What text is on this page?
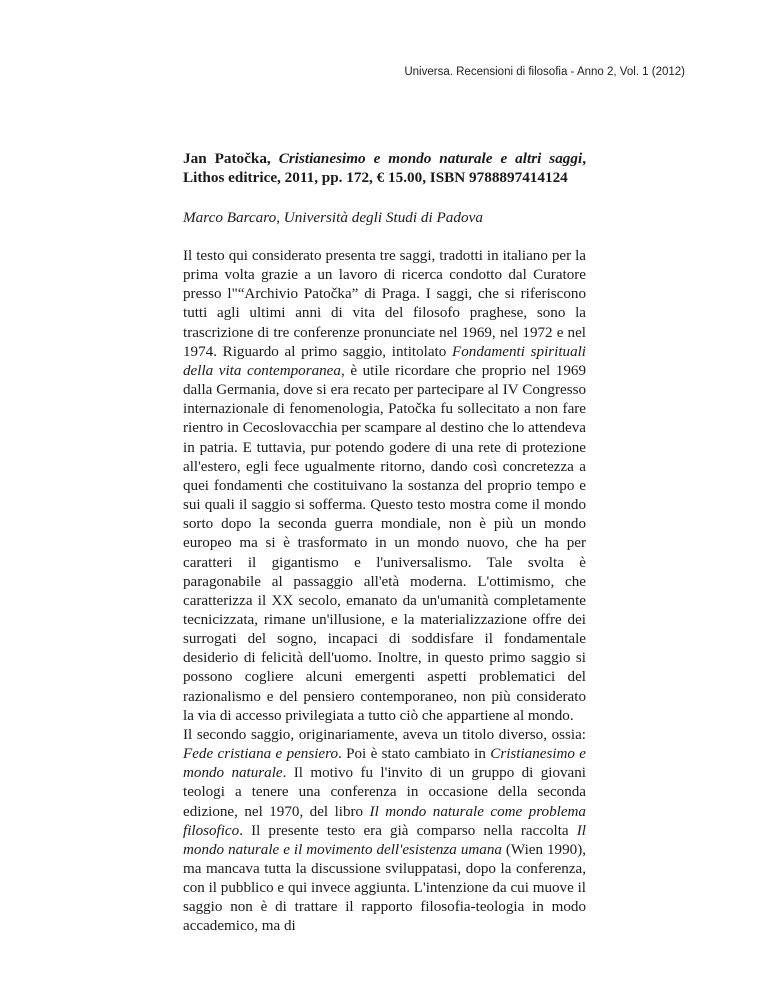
Universa. Recensioni di filosofia - Anno 2, Vol. 1 (2012)

Jan Patočka, Cristianesimo e mondo naturale e altri saggi, Lithos editrice, 2011, pp. 172, € 15.00, ISBN 9788897414124

Marco Barcaro, Università degli Studi di Padova

Il testo qui considerato presenta tre saggi, tradotti in italiano per la prima volta grazie a un lavoro di ricerca condotto dal Curatore presso l"“Archivio Patočka” di Praga. I saggi, che si riferiscono tutti agli ultimi anni di vita del filosofo praghese, sono la trascrizione di tre conferenze pronunciate nel 1969, nel 1972 e nel 1974. Riguardo al primo saggio, intitolato Fondamenti spirituali della vita contemporanea, è utile ricordare che proprio nel 1969 dalla Germania, dove si era recato per partecipare al IV Congresso internazionale di fenomenologia, Patočka fu sollecitato a non fare rientro in Cecoslovacchia per scampare al destino che lo attendeva in patria. E tuttavia, pur potendo godere di una rete di protezione all'estero, egli fece ugualmente ritorno, dando così concretezza a quei fondamenti che costituivano la sostanza del proprio tempo e sui quali il saggio si sofferma. Questo testo mostra come il mondo sorto dopo la seconda guerra mondiale, non è più un mondo europeo ma si è trasformato in un mondo nuovo, che ha per caratteri il gigantismo e l'universalismo. Tale svolta è paragonabile al passaggio all'età moderna. L'ottimismo, che caratterizza il XX secolo, emanato da un'umanità completamente tecnicizzata, rimane un'illusione, e la materializzazione offre dei surrogati del sogno, incapaci di soddisfare il fondamentale desiderio di felicità dell'uomo. Inoltre, in questo primo saggio si possono cogliere alcuni emergenti aspetti problematici del razionalismo e del pensiero contemporaneo, non più considerato la via di accesso privilegiata a tutto ciò che appartiene al mondo.

Il secondo saggio, originariamente, aveva un titolo diverso, ossia: Fede cristiana e pensiero. Poi è stato cambiato in Cristianesimo e mondo naturale. Il motivo fu l'invito di un gruppo di giovani teologi a tenere una conferenza in occasione della seconda edizione, nel 1970, del libro Il mondo naturale come problema filosofico. Il presente testo era già comparso nella raccolta Il mondo naturale e il movimento dell'esistenza umana (Wien 1990), ma mancava tutta la discussione sviluppatasi, dopo la conferenza, con il pubblico e qui invece aggiunta. L'intenzione da cui muove il saggio non è di trattare il rapporto filosofia-teologia in modo accademico, ma di
